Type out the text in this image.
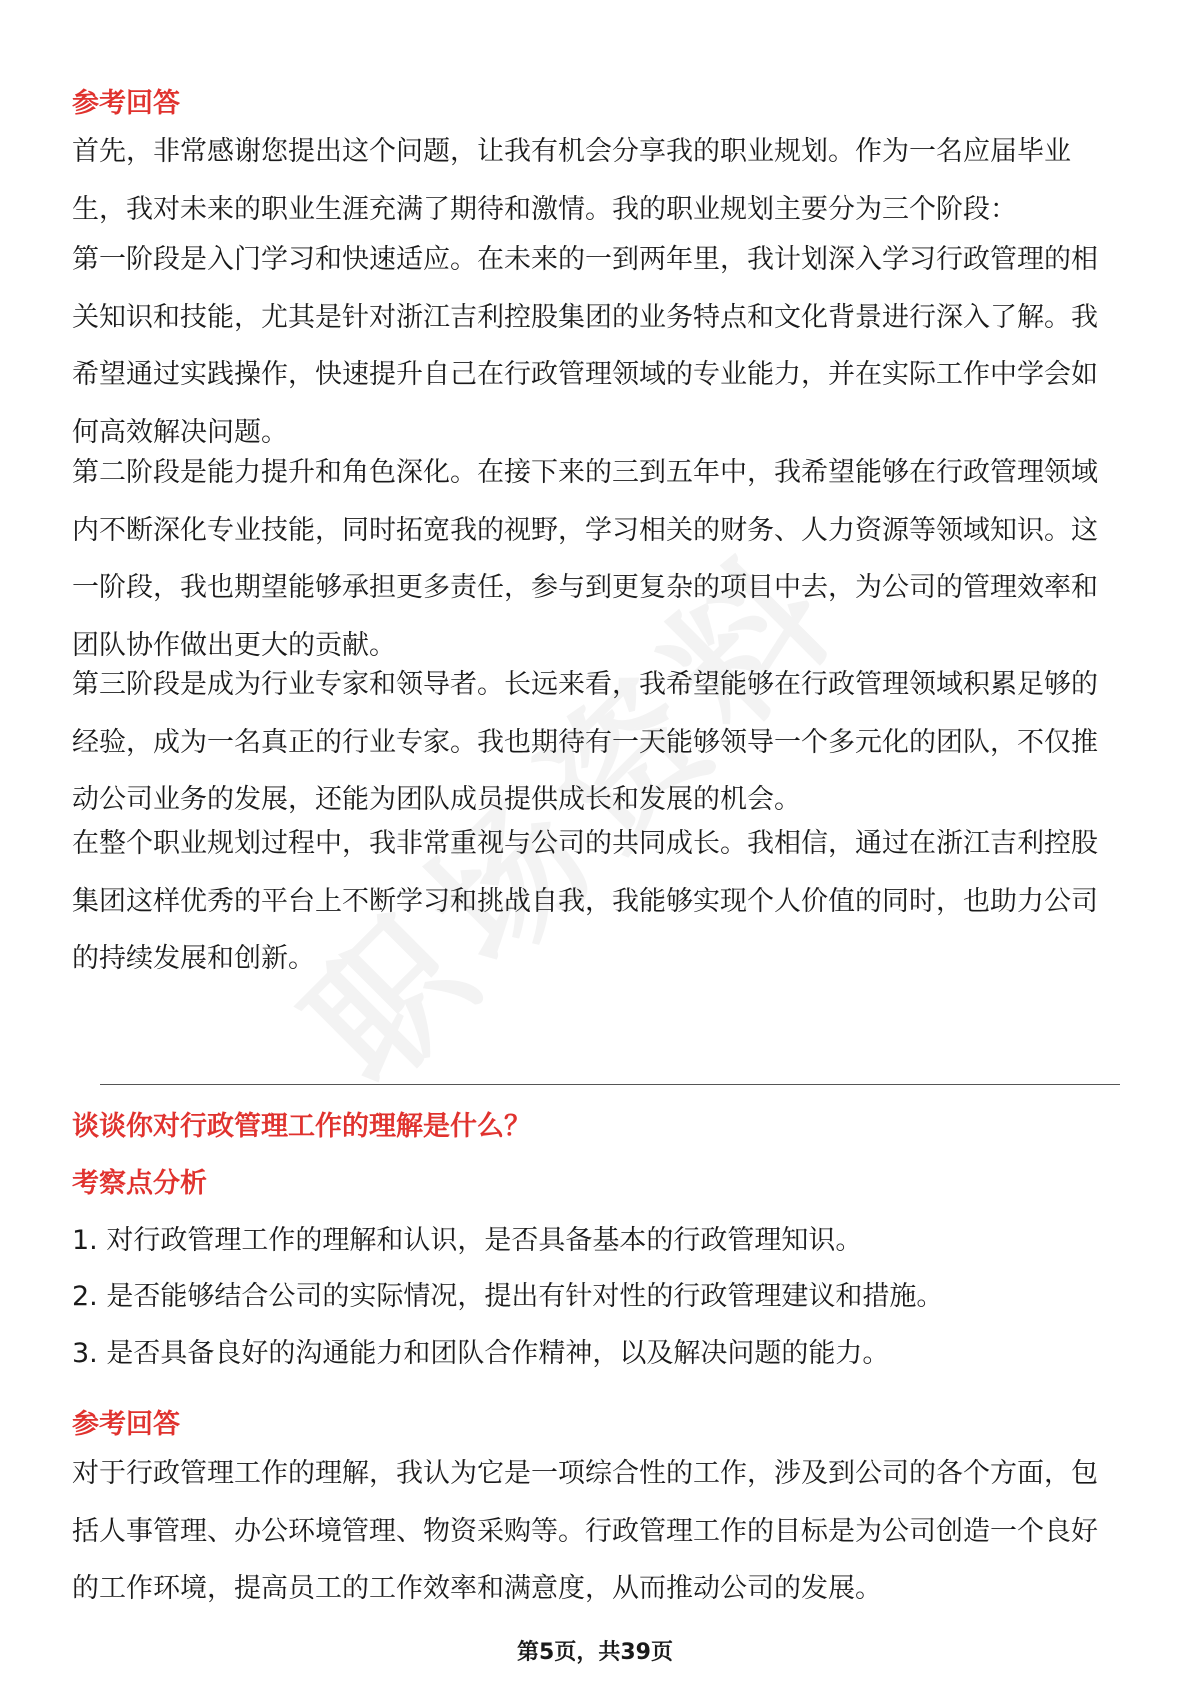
参考回答
首先，非常感谢您提出这个问题，让我有机会分享我的职业规划。作为一名应届毕业生，我对未来的职业生涯充满了期待和激情。我的职业规划主要分为三个阶段：
第一阶段是入门学习和快速适应。在未来的一到两年里，我计划深入学习行政管理的相关知识和技能，尤其是针对浙江吉利控股集团的业务特点和文化背景进行深入了解。我希望通过实践操作，快速提升自己在行政管理领域的专业能力，并在实际工作中学会如何高效解决问题。
第二阶段是能力提升和角色深化。在接下来的三到五年中，我希望能够在行政管理领域内不断深化专业技能，同时拓宽我的视野，学习相关的财务、人力资源等领域知识。这一阶段，我也期望能够承担更多责任，参与到更复杂的项目中去，为公司的管理效率和团队协作做出更大的贡献。
第三阶段是成为行业专家和领导者。长远来看，我希望能够在行政管理领域积累足够的经验，成为一名真正的行业专家。我也期待有一天能够领导一个多元化的团队，不仅推动公司业务的发展，还能为团队成员提供成长和发展的机会。
在整个职业规划过程中，我非常重视与公司的共同成长。我相信，通过在浙江吉利控股集团这样优秀的平台上不断学习和挑战自我，我能够实现个人价值的同时，也助力公司的持续发展和创新。
谈谈你对行政管理工作的理解是什么？
考察点分析
1. 对行政管理工作的理解和认识，是否具备基本的行政管理知识。
2. 是否能够结合公司的实际情况，提出有针对性的行政管理建议和措施。
3. 是否具备良好的沟通能力和团队合作精神，以及解决问题的能力。
参考回答
对于行政管理工作的理解，我认为它是一项综合性的工作，涉及到公司的各个方面，包括人事管理、办公环境管理、物资采购等。行政管理工作的目标是为公司创造一个良好的工作环境，提高员工的工作效率和满意度，从而推动公司的发展。
第5页，共39页
